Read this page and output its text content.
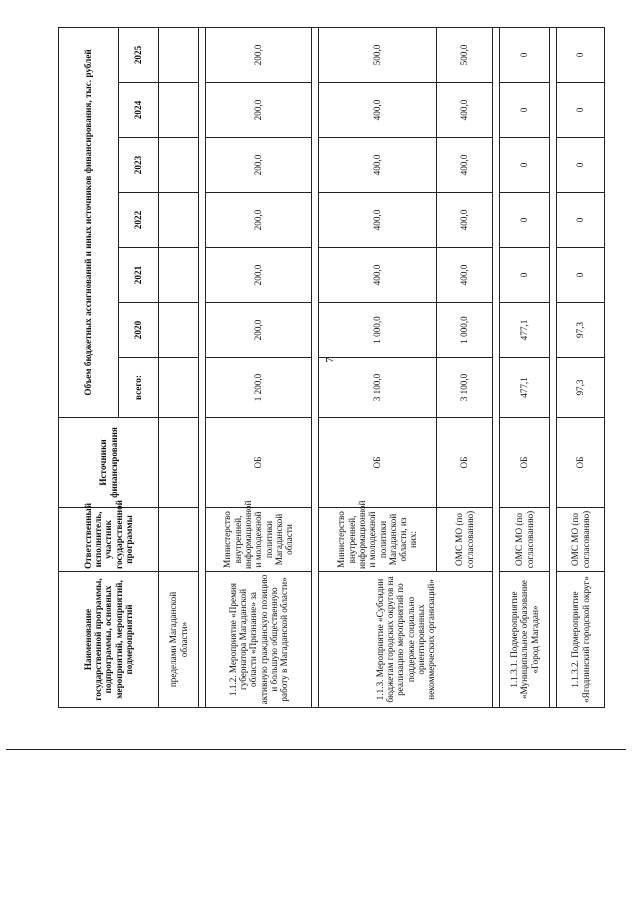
7
Наименование государственной программы, подпрограммы, основных мероприятий, мероприятий, подмероприятий	Ответственный исполнитель, участник государственной программы	Источники финансирования	Объем бюджетных ассигнований и иных источников финансирования, тыс. рублей						
			всего:	2020	2021	2022	2023	2024	2025
пределами Магаданской области»									

1.1.2. Мероприятие «Премия губернатора Магаданской области «Признание» за активную гражданскую позицию и большую общественную работу в Магаданской области»	Министерство внутренней, информационной и молодежной политики Магаданской области	ОБ	1 200,0	200,0	200,0	200,0	200,0	200,0	200,0

1.1.3. Мероприятие «Субсидии бюджетам городских округов на реализацию мероприятий по поддержке социально ориентированных некоммерческих организаций»	Министерство внутренней, информационной и молодежной политики Магаданской области, из них:	ОБ	3 100,0	1 000,0	400,0	400,0	400,0	400,0	500,0
	ОМС МО (по согласованию)	ОБ	3 100,0	1 000,0	400,0	400,0	400,0	400,0	500,0

1.1.3.1. Подмероприятие «Муниципальное образование «Город Магадан»	ОМС МО (по согласованию)	ОБ	477,1	477,1	0	0	0	0	0

1.1.3.2. Подмероприятие «Ягоднинский городской округ»	ОМС МО (по согласованию)	ОБ	97,3	97,3	0	0	0	0	0
